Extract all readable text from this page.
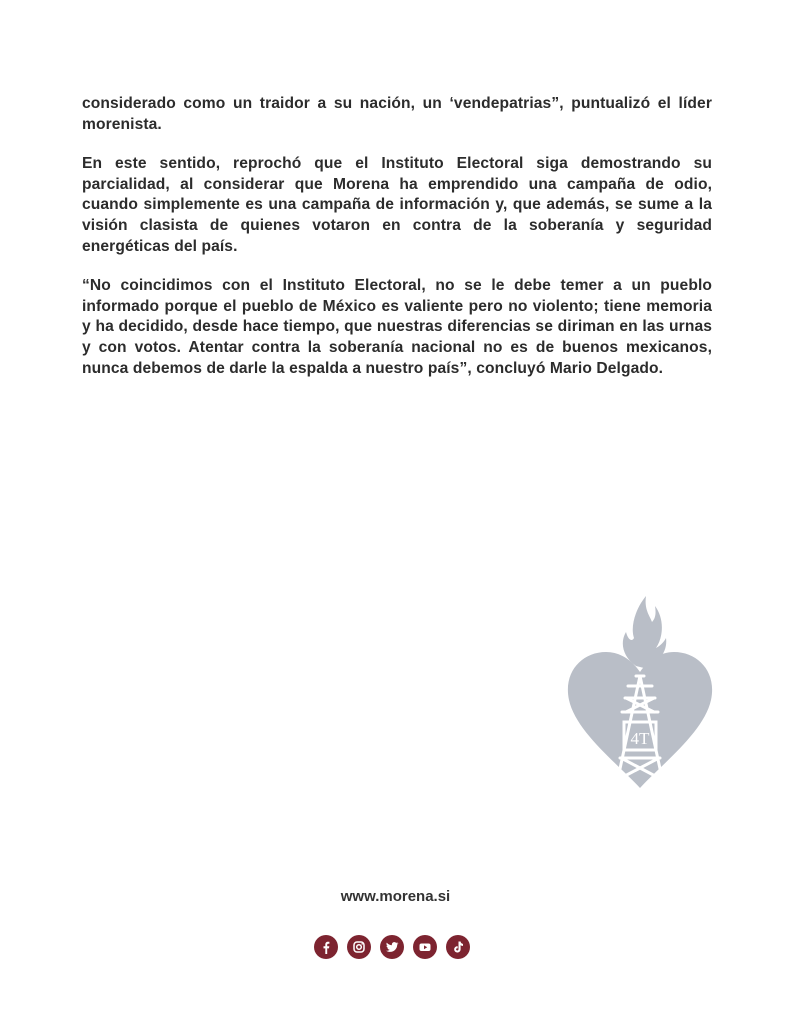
considerado como un traidor a su nación, un ‘vendepatrias”, puntualizó el líder morenista.

En este sentido, reprochó que el Instituto Electoral siga demostrando su parcialidad, al considerar que Morena ha emprendido una campaña de odio, cuando simplemente es una campaña de información y, que además, se sume a la visión clasista de quienes votaron en contra de la soberanía y seguridad energéticas del país.

“No coincidimos con el Instituto Electoral, no se le debe temer a un pueblo informado porque el pueblo de México es valiente pero no violento; tiene memoria y ha decidido, desde hace tiempo, que nuestras diferencias se diriman en las urnas y con votos. Atentar contra la soberanía nacional no es de buenos mexicanos, nunca debemos de darle la espalda a nuestro país”, concluyó Mario Delgado.

4T
www.morena.si
